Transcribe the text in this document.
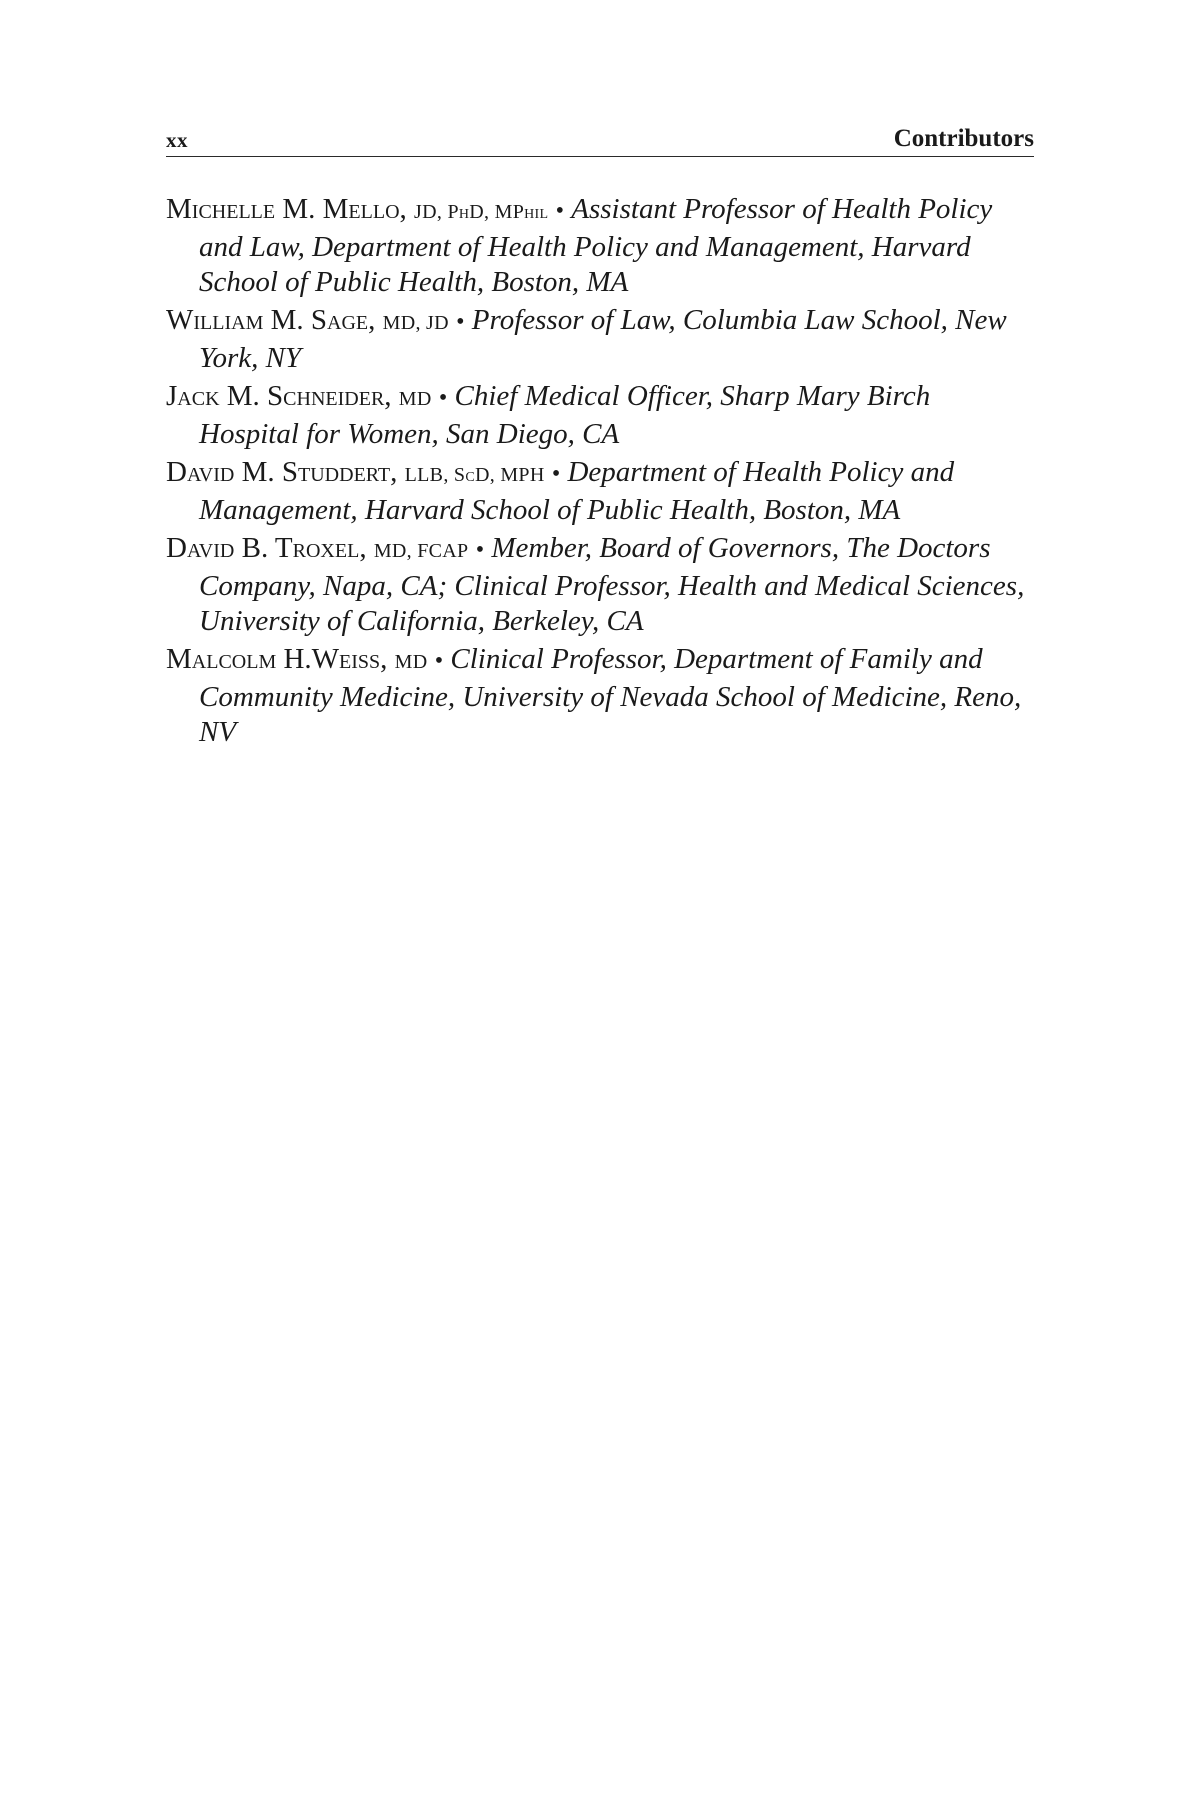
xx	Contributors

Michelle M. Mello, JD, PhD, MPhil • Assistant Professor of Health Policy and Law, Department of Health Policy and Management, Harvard School of Public Health, Boston, MA

William M. Sage, MD, JD • Professor of Law, Columbia Law School, New York, NY

Jack M. Schneider, MD • Chief Medical Officer, Sharp Mary Birch Hospital for Women, San Diego, CA

David M. Studdert, LLB, ScD, MPH • Department of Health Policy and Management, Harvard School of Public Health, Boston, MA

David B. Troxel, MD, FCAP • Member, Board of Governors, The Doctors Company, Napa, CA; Clinical Professor, Health and Medical Sciences, University of California, Berkeley, CA

Malcolm H.Weiss, MD • Clinical Professor, Department of Family and Community Medicine, University of Nevada School of Medicine, Reno, NV
